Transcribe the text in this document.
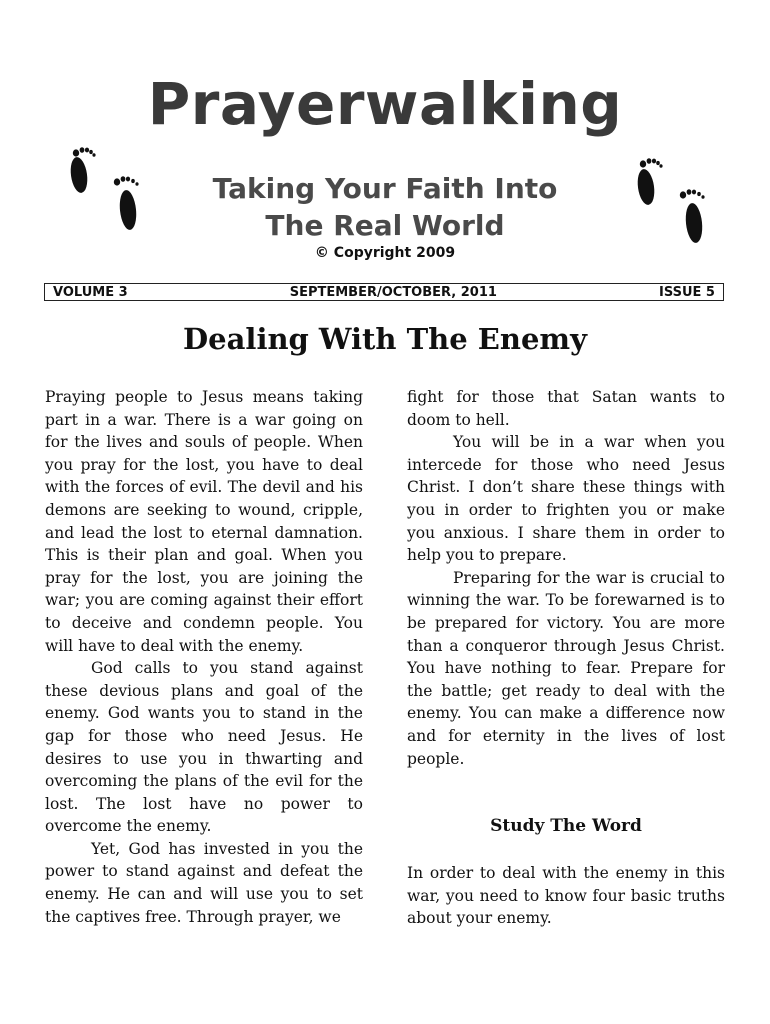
Prayerwalking
Taking Your Faith Into
The Real World
© Copyright 2009
VOLUME 3	SEPTEMBER/OCTOBER, 2011	ISSUE 5
Dealing With The Enemy

Praying people to Jesus means taking part in a war. There is a war going on for the lives and souls of people. When you pray for the lost, you have to deal with the forces of evil. The devil and his demons are seeking to wound, cripple, and lead the lost to eternal damnation. This is their plan and goal. When you pray for the lost, you are joining the war; you are coming against their effort to deceive and condemn people. You will have to deal with the enemy.

God calls to you stand against these devious plans and goal of the enemy. God wants you to stand in the gap for those who need Jesus. He desires to use you in thwarting and overcoming the plans of the evil for the lost. The lost have no power to overcome the enemy.

Yet, God has invested in you the power to stand against and defeat the enemy. He can and will use you to set the captives free. Through prayer, we

fight for those that Satan wants to doom to hell.

You will be in a war when you intercede for those who need Jesus Christ. I don’t share these things with you in order to frighten you or make you anxious. I share them in order to help you to prepare.

Preparing for the war is crucial to winning the war. To be forewarned is to be prepared for victory. You are more than a conqueror through Jesus Christ. You have nothing to fear. Prepare for the battle; get ready to deal with the enemy. You can make a difference now and for eternity in the lives of lost people.

Study The Word

In order to deal with the enemy in this war, you need to know four basic truths about your enemy.
